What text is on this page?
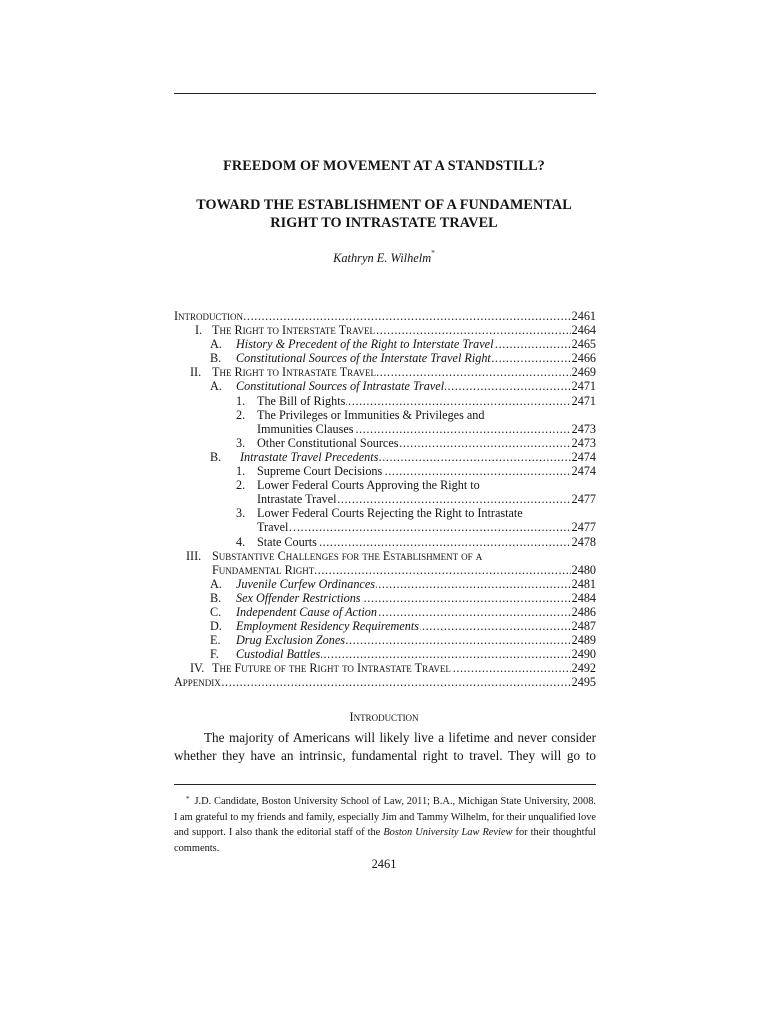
FREEDOM OF MOVEMENT AT A STANDSTILL?
TOWARD THE ESTABLISHMENT OF A FUNDAMENTAL
RIGHT TO INTRASTATE TRAVEL
Kathryn E. Wilhelm*
.....
Introduction	2461
I. ..... The Right to Interstate Travel	2464
A. ..... History & Precedent of the Right to Interstate Travel	2465
B. ..... Constitutional Sources of the Interstate Travel Right	2466
II. ..... The Right to Intrastate Travel	2469
A. ..... Constitutional Sources of Intrastate Travel	2471
1. ..... The Bill of Rights	2471
2. The Privileges or Immunities & Privileges and
.....
Immunities Clauses	2473
3. ..... Other Constitutional Sources	2473
B. ..... Intrastate Travel Precedents	2474
1. ..... Supreme Court Decisions	2474
2. Lower Federal Courts Approving the Right to
.....
Intrastate Travel	2477
3. Lower Federal Courts Rejecting the Right to Intrastate
.....
Travel….	2477
4. ..... State Courts	2478
III. Substantive Challenges for the Establishment of a
.....
Fundamental Right	2480
A. ..... Juvenile Curfew Ordinances	2481
B. ..... Sex Offender Restrictions	2484
C. ..... Independent Cause of Action	2486
D. ..... Employment Residency Requirements	2487
E. ..... Drug Exclusion Zones	2489
F. ..... Custodial Battles	2490
IV. ..... The Future of the Right to Intrastate Travel	2492
.....
Appendix	2495
Introduction

The majority of Americans will likely live a lifetime and never consider whether they have an intrinsic, fundamental right to travel. They will go to

* J.D. Candidate, Boston University School of Law, 2011; B.A., Michigan State University, 2008. I am grateful to my friends and family, especially Jim and Tammy Wilhelm, for their unqualified love and support. I also thank the editorial staff of the Boston University Law Review for their thoughtful comments.

2461
